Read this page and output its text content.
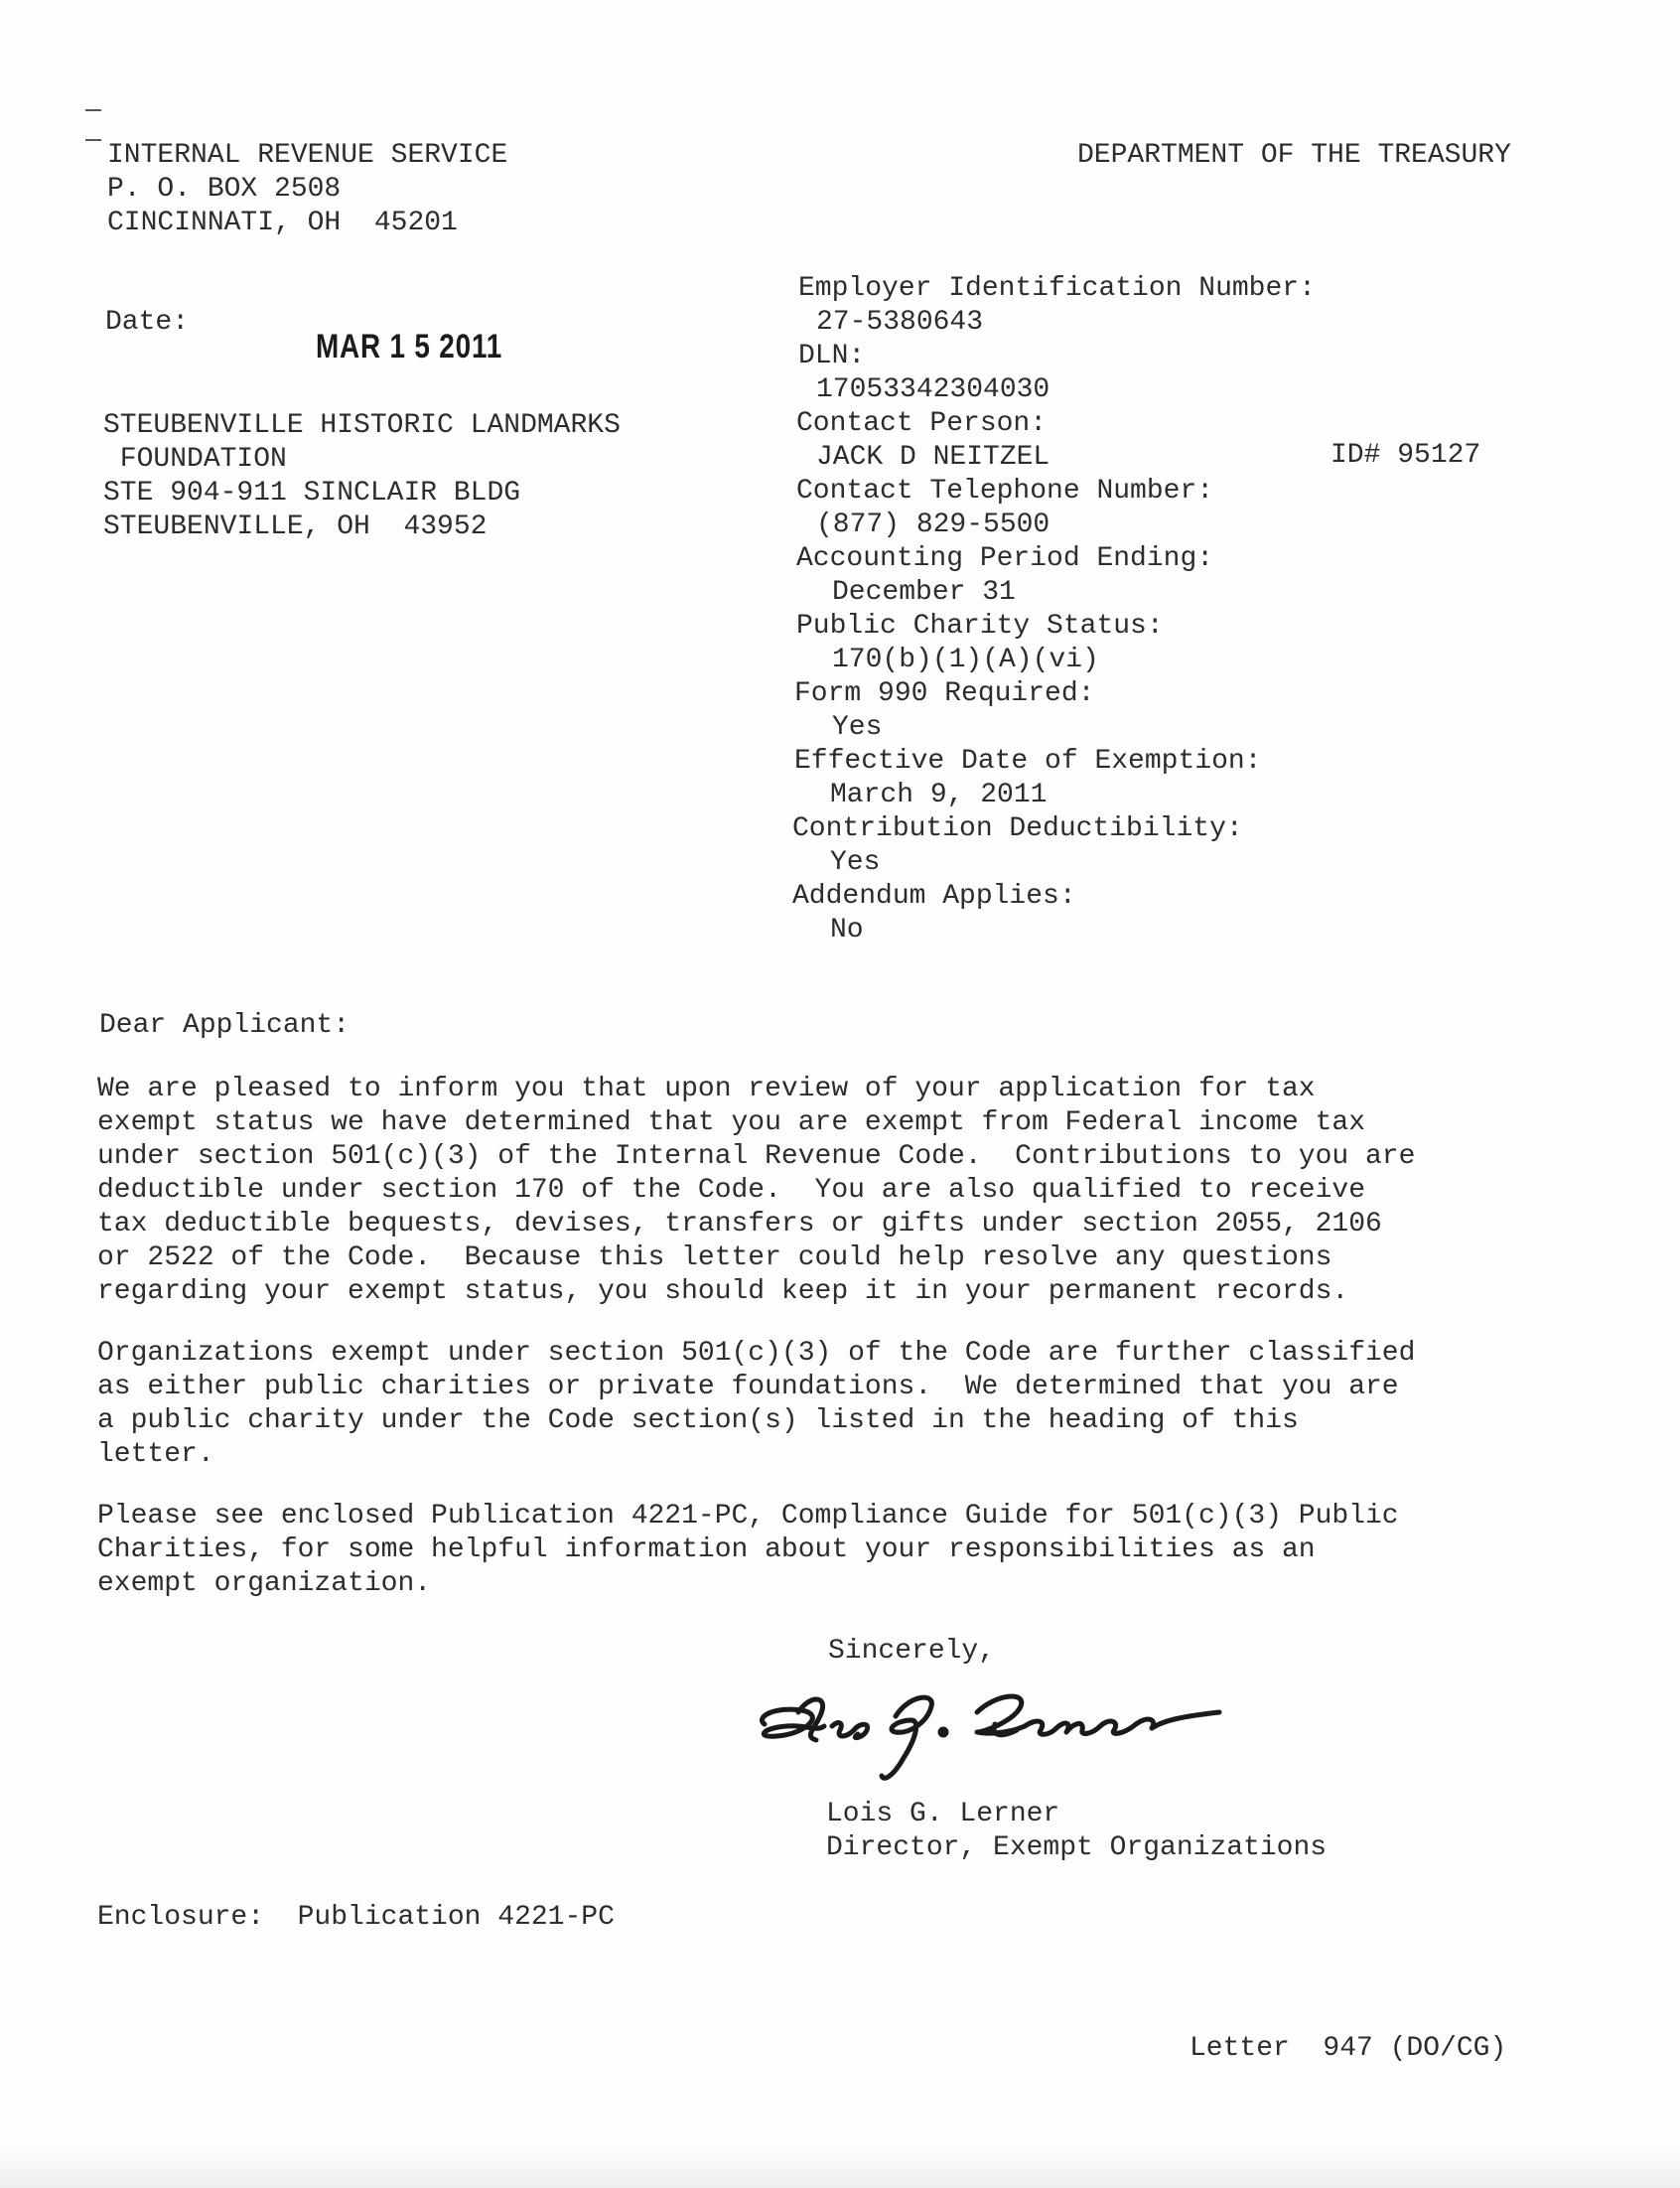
INTERNAL REVENUE SERVICE
P. O. BOX 2508
CINCINNATI, OH  45201
DEPARTMENT OF THE TREASURY
Date:
MAR 1 5 2011
STEUBENVILLE HISTORIC LANDMARKS
FOUNDATION
STE 904-911 SINCLAIR BLDG
STEUBENVILLE, OH  43952
Employer Identification Number:
27-5380643
DLN:
17053342304030
Contact Person:
JACK D NEITZEL	ID# 95127
Contact Telephone Number:
(877) 829-5500
Accounting Period Ending:
December 31
Public Charity Status:
170(b)(1)(A)(vi)
Form 990 Required:
Yes
Effective Date of Exemption:
March 9, 2011
Contribution Deductibility:
Yes
Addendum Applies:
No
Dear Applicant:
We are pleased to inform you that upon review of your application for tax
exempt status we have determined that you are exempt from Federal income tax
under section 501(c)(3) of the Internal Revenue Code.  Contributions to you are
deductible under section 170 of the Code.  You are also qualified to receive
tax deductible bequests, devises, transfers or gifts under section 2055, 2106
or 2522 of the Code.  Because this letter could help resolve any questions
regarding your exempt status, you should keep it in your permanent records.
Organizations exempt under section 501(c)(3) of the Code are further classified
as either public charities or private foundations.  We determined that you are
a public charity under the Code section(s) listed in the heading of this
letter.
Please see enclosed Publication 4221-PC, Compliance Guide for 501(c)(3) Public
Charities, for some helpful information about your responsibilities as an
exempt organization.
Sincerely,
Lois G. Lerner
Director, Exempt Organizations
Enclosure:  Publication 4221-PC
Letter  947 (DO/CG)
